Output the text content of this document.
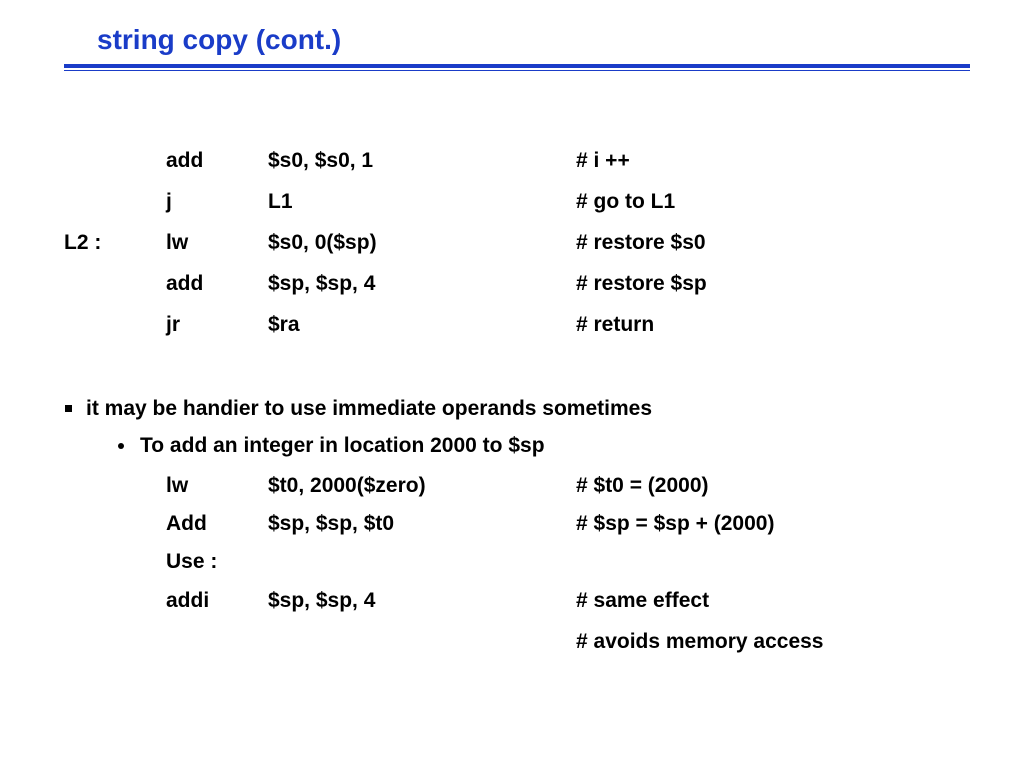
string copy (cont.)
add	$s0, $s0, 1	# i ++
j	L1	# go to L1
L2 :	lw	$s0, 0($sp)	# restore $s0
add	$sp, $sp, 4	# restore $sp
jr	$ra	# return
it may be handier to use immediate operands sometimes
To add an integer in location 2000 to $sp
lw	$t0, 2000($zero)	# $t0 = (2000)
Add	$sp, $sp, $t0	# $sp = $sp + (2000)
Use :
addi	$sp, $sp, 4	# same effect
# avoids memory access
